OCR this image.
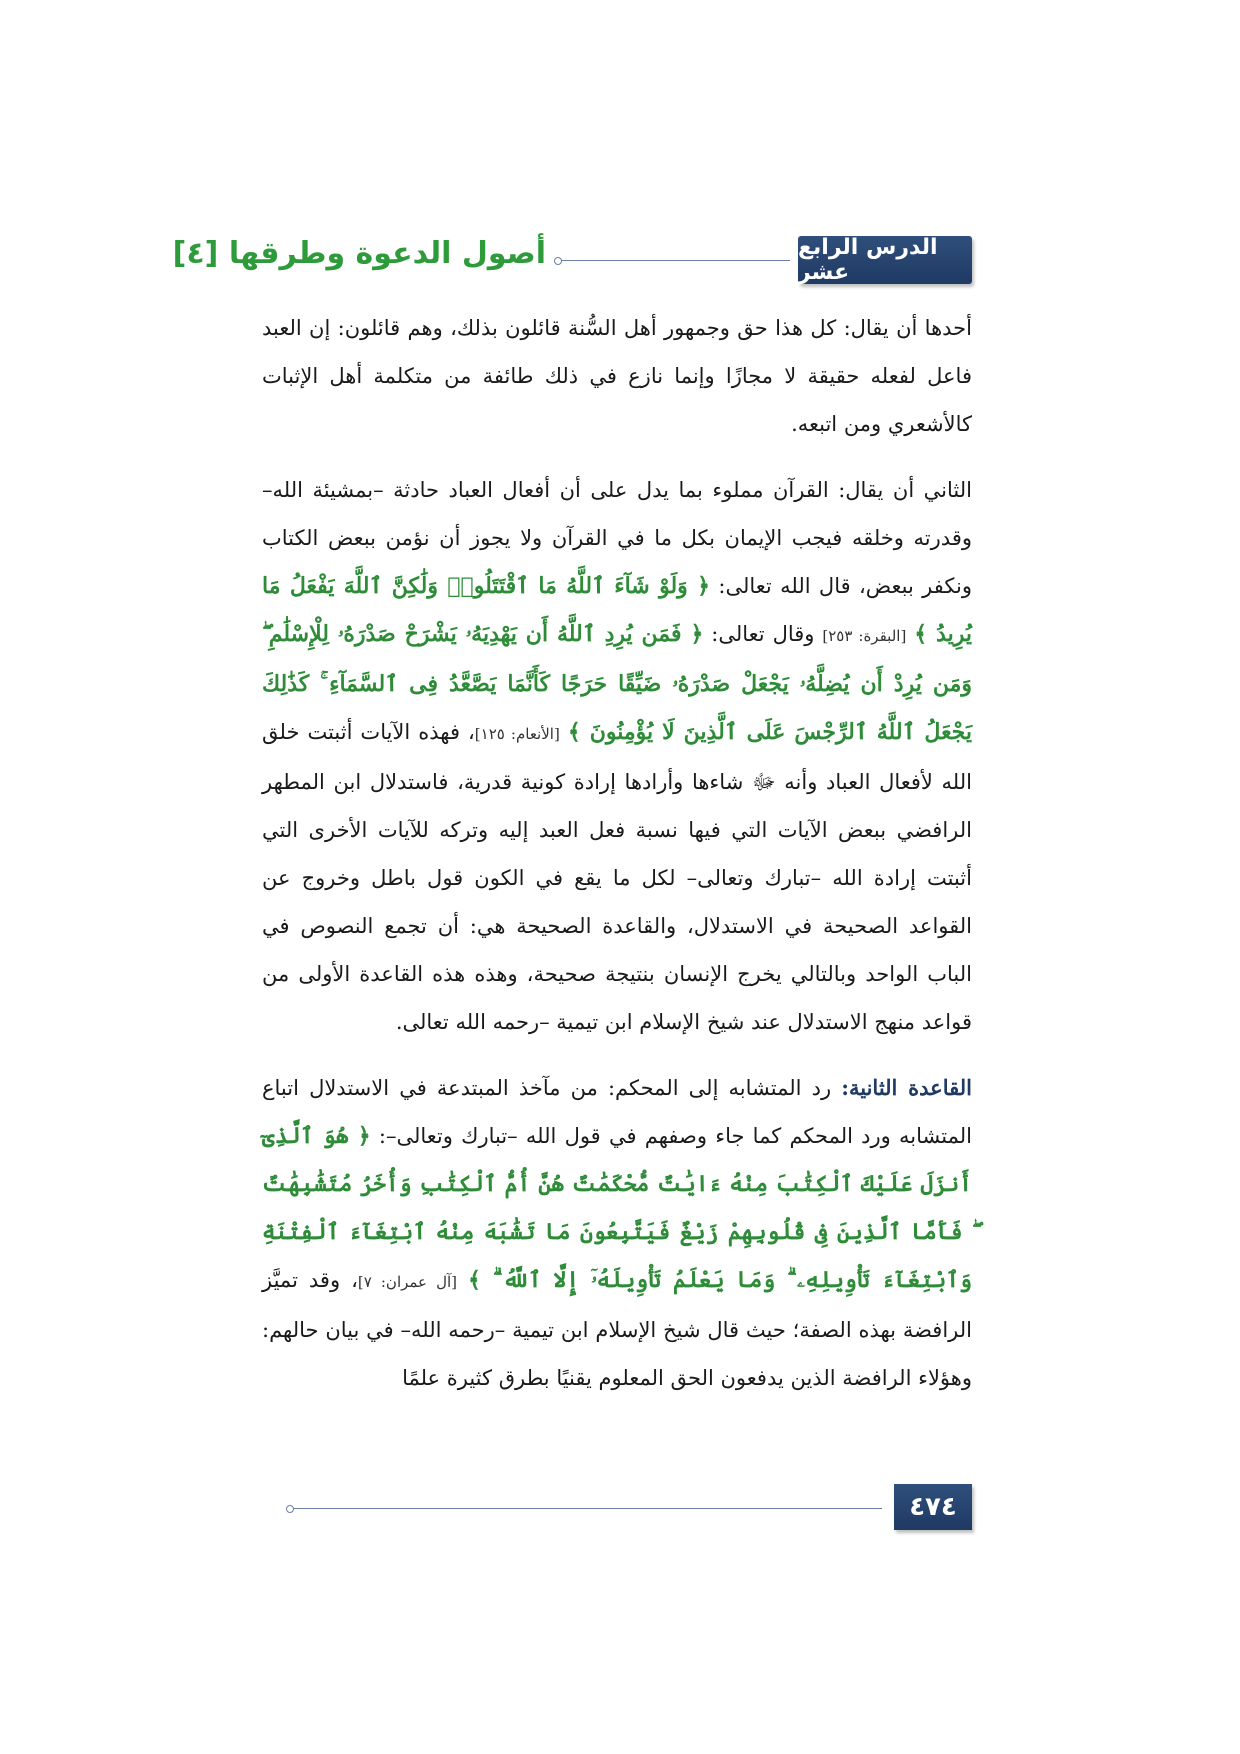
الدرس الرابع عشر
أصول الدعوة وطرقها [٤]

أحدها أن يقال: كل هذا حق وجمهور أهل السُّنة قائلون بذلك، وهم قائلون: إن العبد فاعل لفعله حقيقة لا مجازًا وإنما نازع في ذلك طائفة من متكلمة أهل الإثبات كالأشعري ومن اتبعه.

الثاني أن يقال: القرآن مملوء بما يدل على أن أفعال العباد حادثة –بمشيئة الله– وقدرته وخلقه فيجب الإيمان بكل ما في القرآن ولا يجوز أن نؤمن ببعض الكتاب ونكفر ببعض، قال الله تعالى: ﴿ وَلَوْ شَآءَ ٱللَّهُ مَا ٱقْتَتَلُوا۟ وَلَٰكِنَّ ٱللَّهَ يَفْعَلُ مَا يُرِيدُ ﴾ [البقرة: ٢٥٣] وقال تعالى: ﴿ فَمَن يُرِدِ ٱللَّهُ أَن يَهْدِيَهُۥ يَشْرَحْ صَدْرَهُۥ لِلْإِسْلَٰمِ ۖ وَمَن يُرِدْ أَن يُضِلَّهُۥ يَجْعَلْ صَدْرَهُۥ ضَيِّقًا حَرَجًا كَأَنَّمَا يَصَّعَّدُ فِى ٱلسَّمَآءِ ۚ كَذَٰلِكَ يَجْعَلُ ٱللَّهُ ٱلرِّجْسَ عَلَى ٱلَّذِينَ لَا يُؤْمِنُونَ ﴾ [الأنعام: ١٢٥]، فهذه الآيات أثبتت خلق الله لأفعال العباد وأنه ﷻ شاءها وأرادها إرادة كونية قدرية، فاستدلال ابن المطهر الرافضي ببعض الآيات التي فيها نسبة فعل العبد إليه وتركه للآيات الأخرى التي أثبتت إرادة الله –تبارك وتعالى– لكل ما يقع في الكون قول باطل وخروج عن القواعد الصحيحة في الاستدلال، والقاعدة الصحيحة هي: أن تجمع النصوص في الباب الواحد وبالتالي يخرج الإنسان بنتيجة صحيحة، وهذه هذه القاعدة الأولى من قواعد منهج الاستدلال عند شيخ الإسلام ابن تيمية –رحمه الله تعالى.

القاعدة الثانية: رد المتشابه إلى المحكم: من مآخذ المبتدعة في الاستدلال اتباع المتشابه ورد المحكم كما جاء وصفهم في قول الله –تبارك وتعالى–: ﴿ هُوَ ٱلَّذِىٓ أَنزَلَ عَلَيْكَ ٱلْكِتَٰبَ مِنْهُ ءَايَٰتٌ مُّحْكَمَٰتٌ هُنَّ أُمُّ ٱلْكِتَٰبِ وَأُخَرُ مُتَشَٰبِهَٰتٌ ۖ فَأَمَّا ٱلَّذِينَ فِى قُلُوبِهِمْ زَيْغٌ فَيَتَّبِعُونَ مَا تَشَٰبَهَ مِنْهُ ٱبْتِغَآءَ ٱلْفِتْنَةِ وَٱبْتِغَآءَ تَأْوِيلِهِۦ ۗ وَمَا يَعْلَمُ تَأْوِيلَهُۥٓ إِلَّا ٱللَّهُ ۗ ﴾ [آل عمران: ٧]، وقد تميَّز الرافضة بهذه الصفة؛ حيث قال شيخ الإسلام ابن تيمية –رحمه الله– في بيان حالهم: وهؤلاء الرافضة الذين يدفعون الحق المعلوم يقنيًا بطرق كثيرة علمًا

٤٧٤
